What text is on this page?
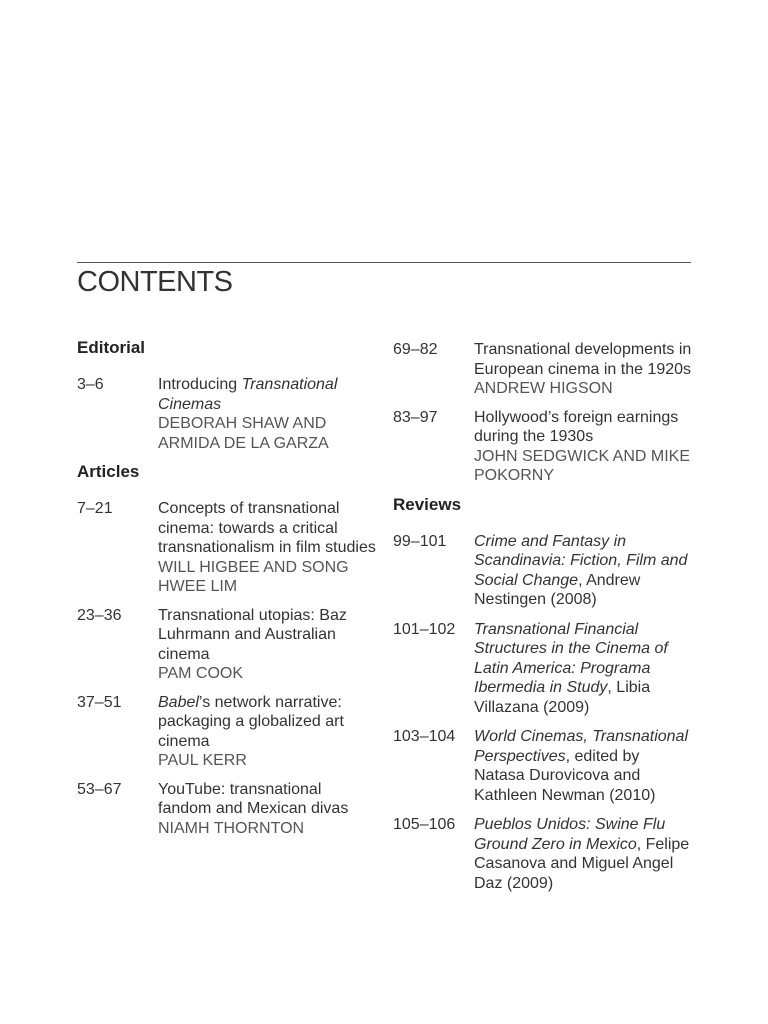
CONTENTS
Editorial
3–6	Introducing Transnational Cinemas
DEBORAH SHAW AND ARMIDA DE LA GARZA
Articles
7–21	Concepts of transnational cinema: towards a critical transnationalism in film studies
WILL HIGBEE AND SONG HWEE LIM
23–36	Transnational utopias: Baz Luhrmann and Australian cinema
PAM COOK
37–51	Babel’s network narrative: packaging a globalized art cinema
PAUL KERR
53–67	YouTube: transnational fandom and Mexican divas
NIAMH THORNTON
69–82	Transnational developments in European cinema in the 1920s
ANDREW HIGSON
83–97	Hollywood’s foreign earnings during the 1930s
JOHN SEDGWICK AND MIKE POKORNY
Reviews
99–101	Crime and Fantasy in Scandinavia: Fiction, Film and Social Change, Andrew Nestingen (2008)
101–102	Transnational Financial Structures in the Cinema of Latin America: Programa Ibermedia in Study, Libia Villazana (2009)
103–104	World Cinemas, Transnational Perspectives, edited by Natasa Durovicova and Kathleen Newman (2010)
105–106	Pueblos Unidos: Swine Flu Ground Zero in Mexico, Felipe Casanova and Miguel Angel Daz (2009)
